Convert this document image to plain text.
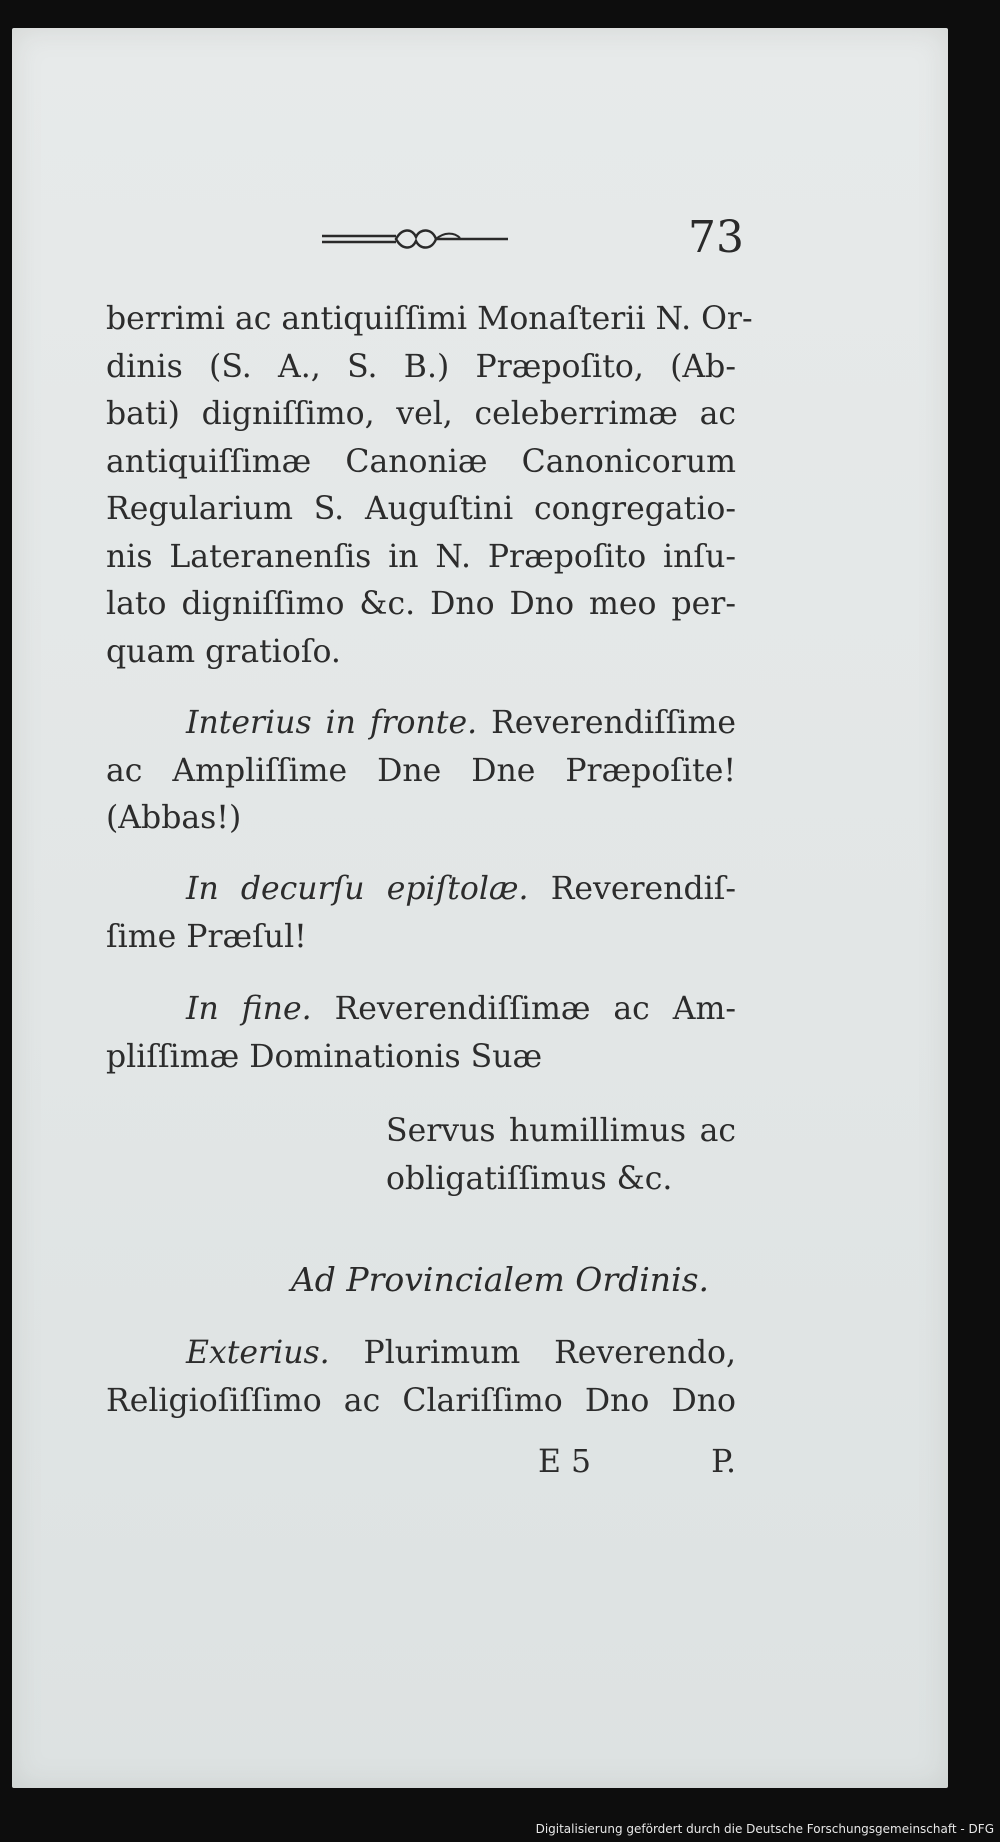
73
berrimi ac antiquiſſimi Monaſterii N. Or-
dinis (S. A., S. B.) Præpoſito, (Ab-
bati) digniſſimo, vel, celeberrimæ ac
antiquiſſimæ Canoniæ Canonicorum
Regularium S. Auguſtini congregatio-
nis Lateranenſis in N. Præpoſito inſu-
lato digniſſimo &c. Dno Dno meo per-
quam gratioſo.
Interius in fronte. Reverendiſſime
ac Ampliſſime Dne Dne Præpoſite!
(Abbas!)
In decurſu epiſtolæ. Reverendiſ-
ſime Præſul!
In fine. Reverendiſſimæ ac Am-
pliſſimæ Dominationis Suæ
Servus humillimus ac
obligatiſſimus &c.
Ad Provincialem Ordinis.
Exterius. Plurimum Reverendo,
Religioſiſſimo ac Clariſſimo Dno Dno
E 5	P.
Digitalisierung gefördert durch die Deutsche Forschungsgemeinschaft - DFG
